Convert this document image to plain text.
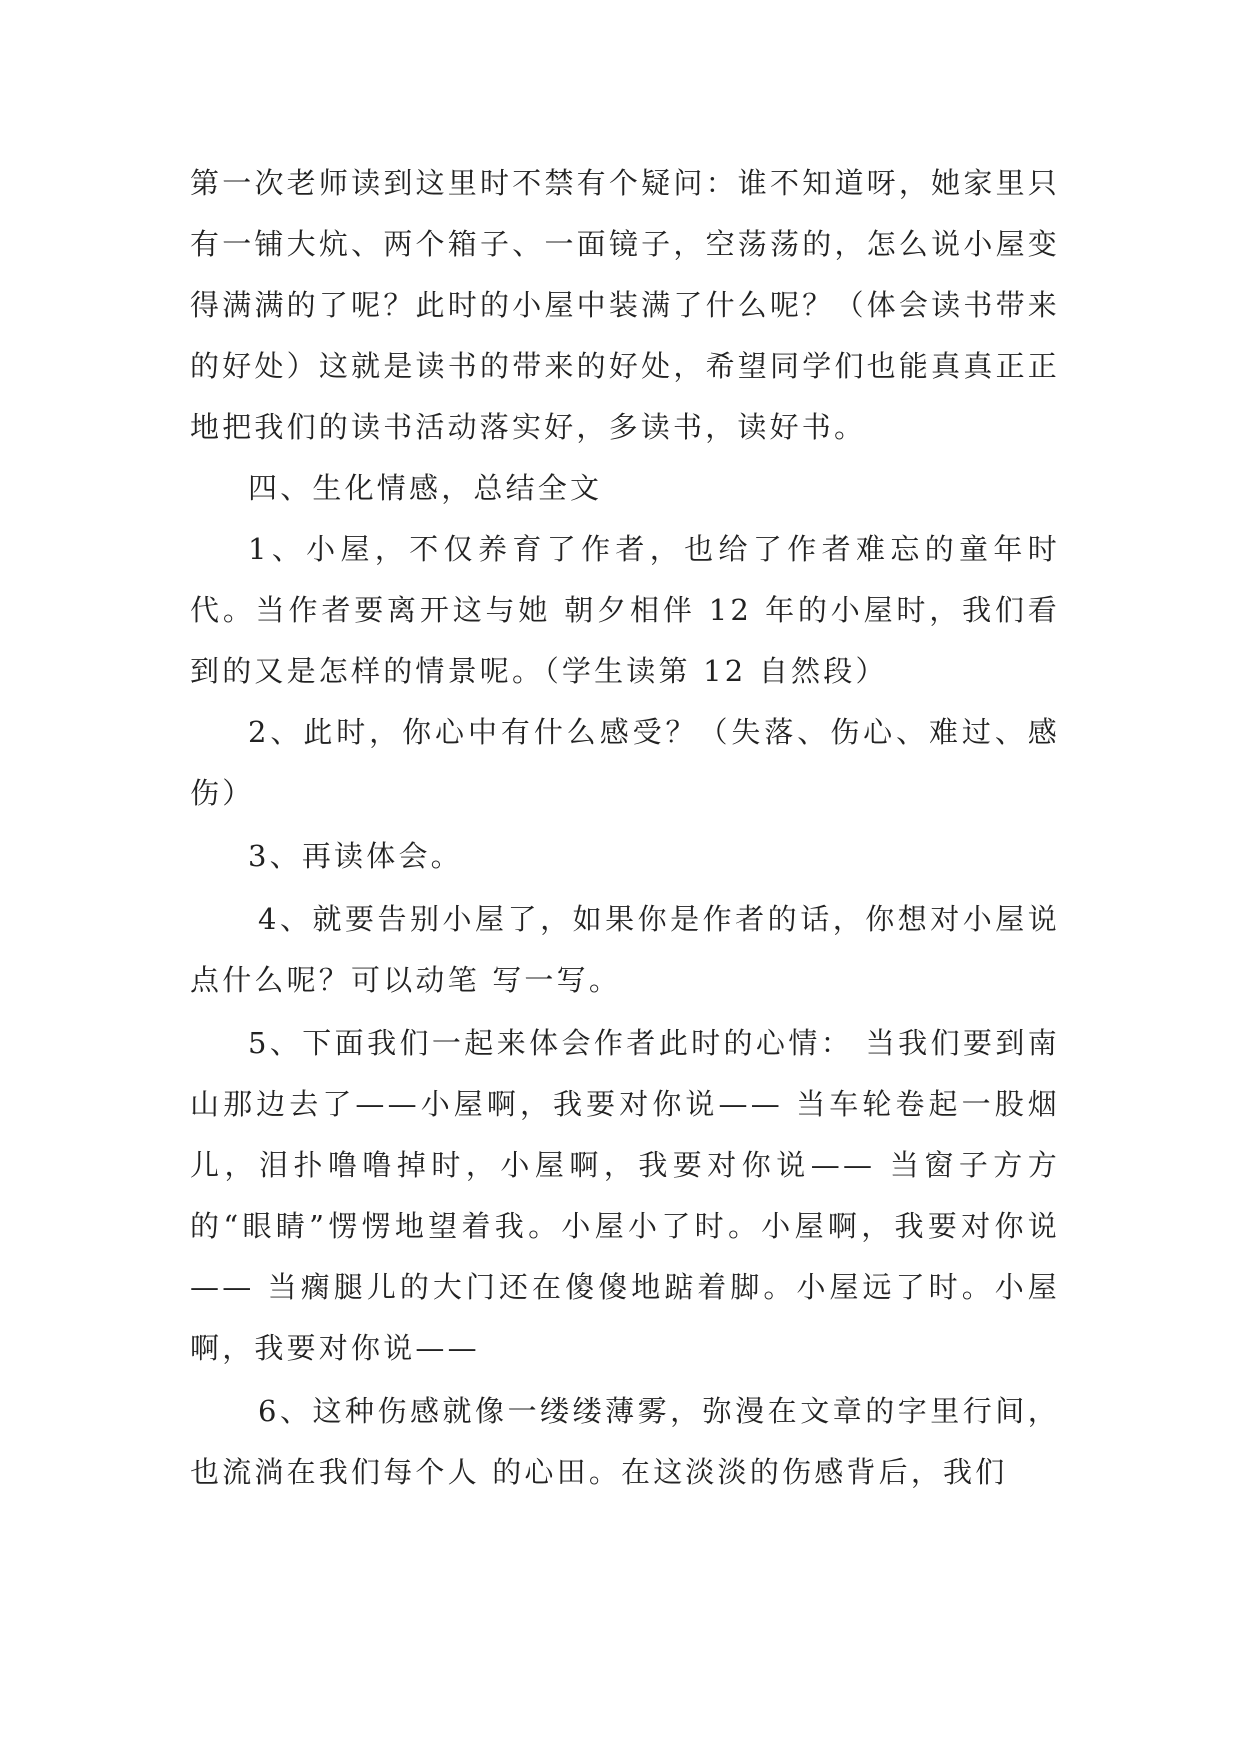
第一次老师读到这里时不禁有个疑问：谁不知道呀，她家里只有一铺大炕、两个箱子、一面镜子，空荡荡的，怎么说小屋变得满满的了呢？此时的小屋中装满了什么呢？（体会读书带来的好处）这就是读书的带来的好处，希望同学们也能真真正正地把我们的读书活动落实好，多读书，读好书。

四、生化情感，总结全文

1、小屋，不仅养育了作者，也给了作者难忘的童年时代。当作者要离开这与她 朝夕相伴 12 年的小屋时，我们看到的又是怎样的情景呢。（学生读第 12 自然段）

2、此时，你心中有什么感受？（失落、伤心、难过、感伤）

3、再读体会。

4、就要告别小屋了，如果你是作者的话，你想对小屋说点什么呢？可以动笔 写一写。

5、下面我们一起来体会作者此时的心情： 当我们要到南山那边去了——小屋啊，我要对你说—— 当车轮卷起一股烟儿，泪扑噜噜掉时，小屋啊，我要对你说—— 当窗子方方的“眼睛”愣愣地望着我。小屋小了时。小屋啊，我要对你说—— 当瘸腿儿的大门还在傻傻地踮着脚。小屋远了时。小屋啊，我要对你说——

6、这种伤感就像一缕缕薄雾，弥漫在文章的字里行间，也流淌在我们每个人 的心田。在这淡淡的伤感背后，我们
